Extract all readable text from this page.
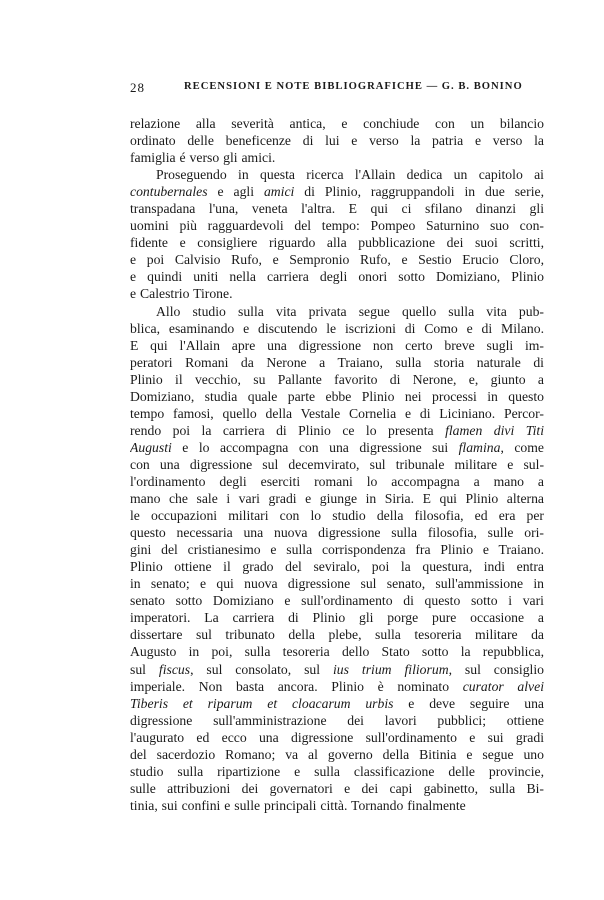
28	RECENSIONI E NOTE BIBLIOGRAFICHE — G. B. BONINO
relazione alla severità antica, e conchiude con un bilancio
ordinato delle beneficenze di lui e verso la patria e verso la
famiglia é verso gli amici.
Proseguendo in questa ricerca l'Allain dedica un capitolo ai
contubernales e agli amici di Plinio, raggruppandoli in due serie,
transpadana l'una, veneta l'altra. E qui ci sfilano dinanzi gli
uomini più ragguardevoli del tempo: Pompeo Saturnino suo con-
fidente e consigliere riguardo alla pubblicazione dei suoi scritti,
e poi Calvisio Rufo, e Sempronio Rufo, e Sestio Erucio Cloro,
e quindi uniti nella carriera degli onori sotto Domiziano, Plinio
e Calestrio Tirone.
Allo studio sulla vita privata segue quello sulla vita pub-
blica, esaminando e discutendo le iscrizioni di Como e di Milano.
E qui l'Allain apre una digressione non certo breve sugli im-
peratori Romani da Nerone a Traiano, sulla storia naturale di
Plinio il vecchio, su Pallante favorito di Nerone, e, giunto a
Domiziano, studia quale parte ebbe Plinio nei processi in questo
tempo famosi, quello della Vestale Cornelia e di Liciniano. Percor-
rendo poi la carriera di Plinio ce lo presenta flamen divi Titi
Augusti e lo accompagna con una digressione sui flamina, come
con una digressione sul decemvirato, sul tribunale militare e sul-
l'ordinamento degli eserciti romani lo accompagna a mano a
mano che sale i vari gradi e giunge in Siria. E qui Plinio alterna
le occupazioni militari con lo studio della filosofia, ed era per
questo necessaria una nuova digressione sulla filosofia, sulle ori-
gini del cristianesimo e sulla corrispondenza fra Plinio e Traiano.
Plinio ottiene il grado del seviralo, poi la questura, indi entra
in senato; e qui nuova digressione sul senato, sull'ammissione in
senato sotto Domiziano e sull'ordinamento di questo sotto i vari
imperatori. La carriera di Plinio gli porge pure occasione a
dissertare sul tribunato della plebe, sulla tesoreria militare da
Augusto in poi, sulla tesoreria dello Stato sotto la repubblica,
sul fiscus, sul consolato, sul ius trium filiorum, sul consiglio
imperiale. Non basta ancora. Plinio è nominato curator alvei
Tiberis et riparum et cloacarum urbis e deve seguire una
digressione sull'amministrazione dei lavori pubblici; ottiene
l'augurato ed ecco una digressione sull'ordinamento e sui gradi
del sacerdozio Romano; va al governo della Bitinia e segue uno
studio sulla ripartizione e sulla classificazione delle provincie,
sulle attribuzioni dei governatori e dei capi gabinetto, sulla Bi-
tinia, sui confini e sulle principali città. Tornando finalmente
